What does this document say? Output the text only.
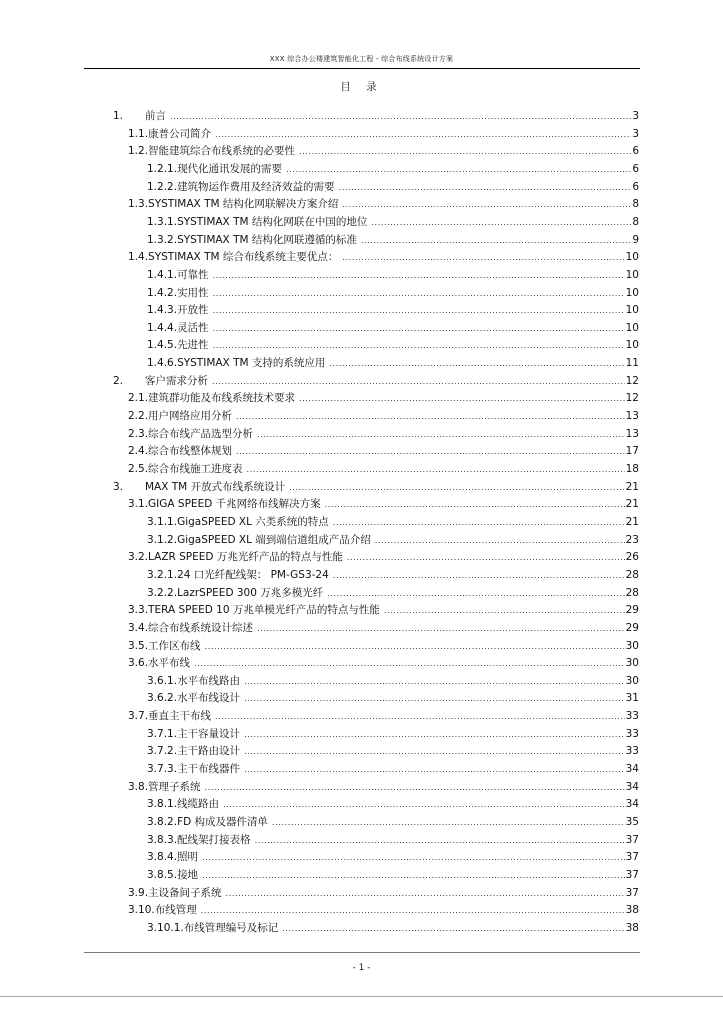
XXX 综合办公楼建筑智能化工程 - 综合布线系统设计方案
目 录
1.	前言 .....	3
1.1. 康普公司简介 .....	3
1.2. 智能建筑综合布线系统的必要性 .....	6
1.2.1. 现代化通讯发展的需要 .....	6
1.2.2. 建筑物运作费用及经济效益的需要 .....	6
1.3. SYSTIMAX TM 结构化网联解决方案介绍 .....	8
1.3.1. SYSTIMAX TM 结构化网联在中国的地位 .....	8
1.3.2. SYSTIMAX TM 结构化网联遵循的标准 .....	9
1.4. SYSTIMAX TM 综合布线系统主要优点： .....	10
1.4.1. 可靠性 .....	10
1.4.2. 实用性 .....	10
1.4.3. 开放性 .....	10
1.4.4. 灵活性 .....	10
1.4.5. 先进性 .....	10
1.4.6. SYSTIMAX TM 支持的系统应用 .....	11
2.	客户需求分析 .....	12
2.1. 建筑群功能及布线系统技术要求 .....	12
2.2. 用户网络应用分析 .....	13
2.3. 综合布线产品选型分析 .....	13
2.4. 综合布线整体规划 .....	17
2.5. 综合布线施工进度表 .....	18
3.	MAX TM 开放式布线系统设计 .....	21
3.1. GIGA SPEED 千兆网络布线解决方案 .....	21
3.1.1. GigaSPEED XL 六类系统的特点 .....	21
3.1.2. GigaSPEED XL 端到端信道组成产品介绍 .....	23
3.2. LAZR SPEED 万兆光纤产品的特点与性能 .....	26
3.2.1. 24 口光纤配线架： PM-GS3-24 .....	28
3.2.2. LazrSPEED 300 万兆多模光纤 .....	28
3.3. TERA SPEED 10 万兆单模光纤产品的特点与性能 .....	29
3.4. 综合布线系统设计综述 .....	29
3.5. 工作区布线 .....	30
3.6. 水平布线 .....	30
3.6.1. 水平布线路由 .....	30
3.6.2. 水平布线设计 .....	31
3.7. 垂直主干布线 .....	33
3.7.1. 主干容量设计 .....	33
3.7.2. 主干路由设计 .....	33
3.7.3. 主干布线器件 .....	34
3.8. 管理子系统 .....	34
3.8.1. 线缆路由 .....	34
3.8.2. FD 构成及器件清单 .....	35
3.8.3. 配线架打接表格 .....	37
3.8.4. 照明 .....	37
3.8.5. 接地 .....	37
3.9. 主设备间子系统 .....	37
3.10. 布线管理 .....	38
3.10.1. 布线管理编号及标记 .....	38
- 1 -
